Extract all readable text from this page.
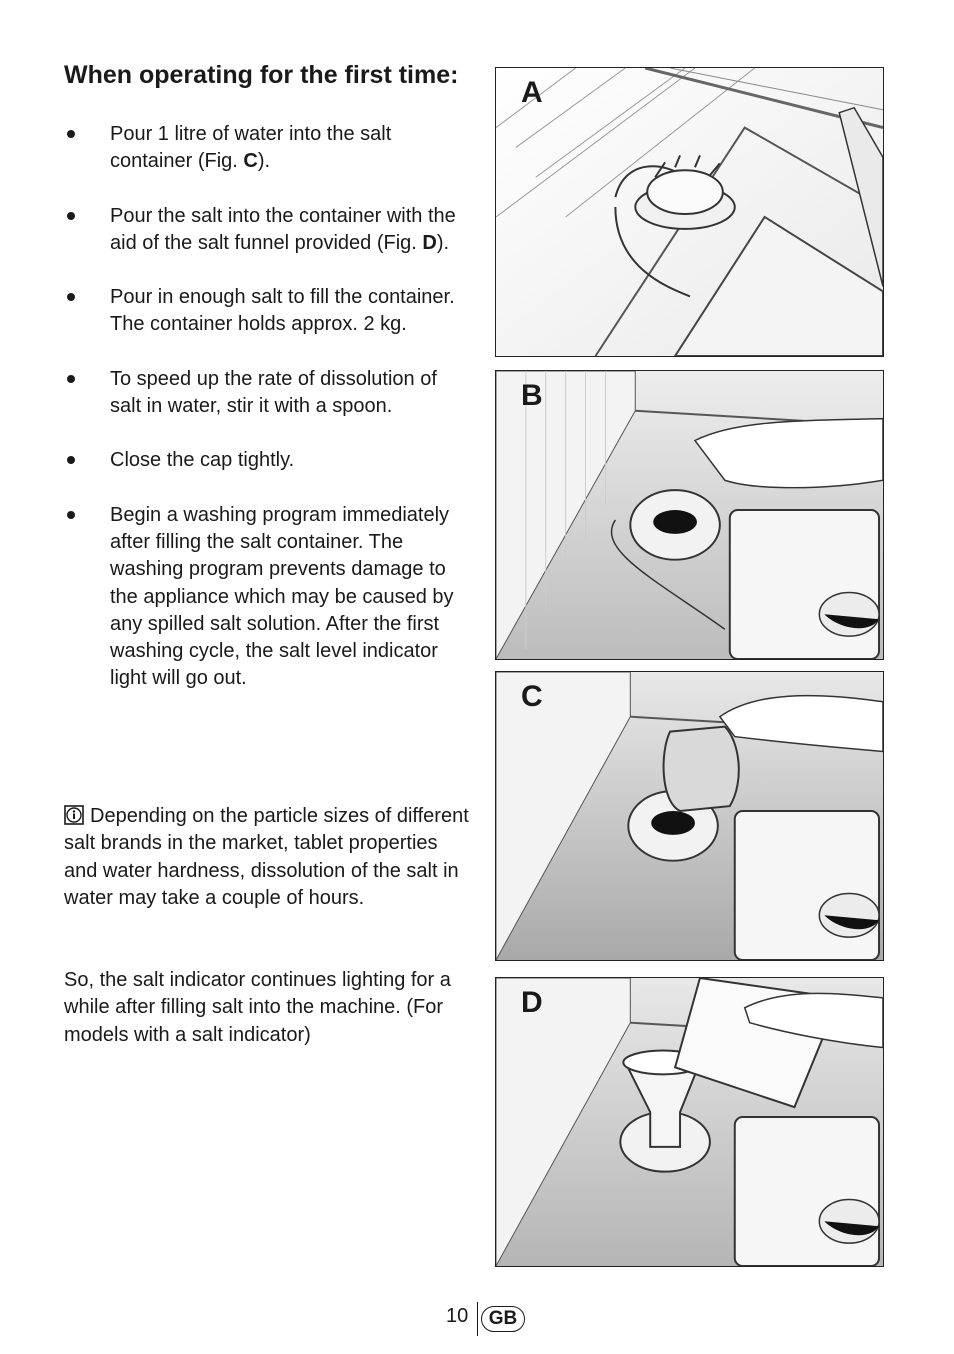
When operating for the first time:
Pour 1 litre of water into the salt container (Fig. C).
Pour the salt into the container with the aid of the salt funnel provided (Fig. D).
Pour in enough salt to fill the container. The container holds approx. 2 kg.
To speed up the rate of dissolution of salt in water, stir it with a spoon.
Close the cap tightly.
Begin a washing program immediately after filling the salt container. The washing program prevents damage to the appliance which may be caused by any spilled salt solution. After the first washing cycle, the salt level indicator light will go out.

Depending on the particle sizes of different salt brands in the market, tablet properties and water hardness, dissolution of the salt in water may take a couple of hours.

So, the salt indicator continues lighting for a while after filling salt into the machine. (For models with a salt indicator)

A
B
C
D
10	GB
